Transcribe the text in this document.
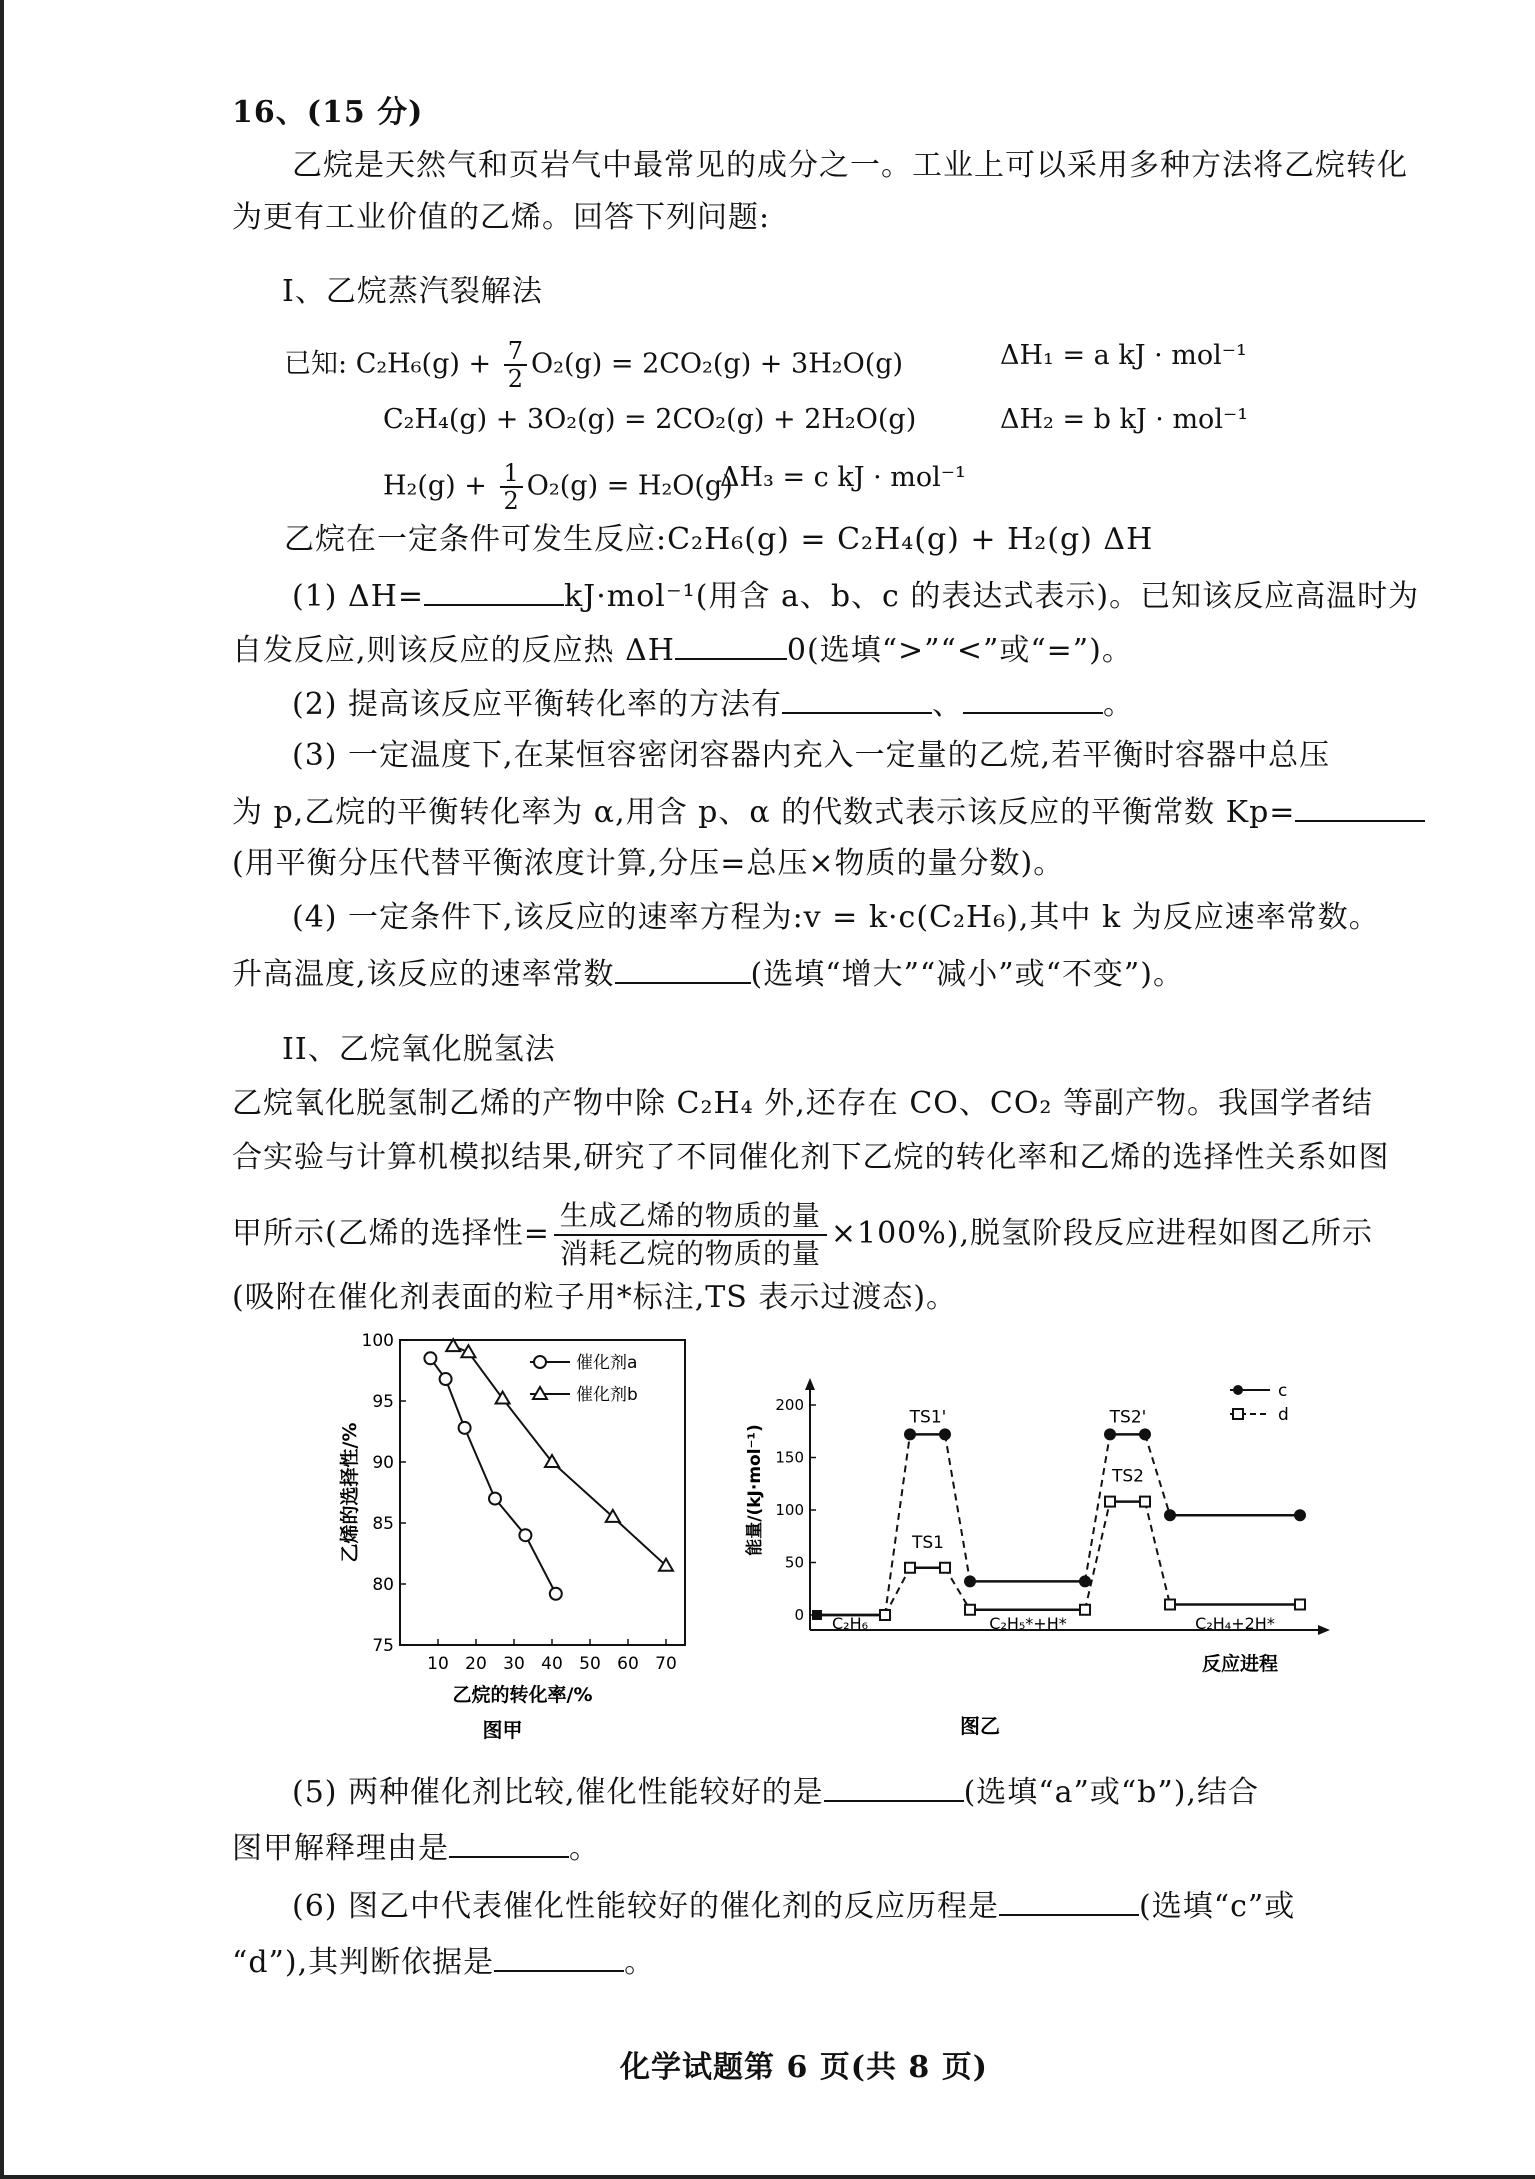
16、(15 分)
乙烷是天然气和页岩气中最常见的成分之一。工业上可以采用多种方法将乙烷转化
为更有工业价值的乙烯。回答下列问题:
I、乙烷蒸汽裂解法
已知: $C_2H_6(g) + \frac{7}{2} O_2(g) = 2CO_2(g) + 3H_2O(g)$	ΔH₁ = a kJ · mol⁻¹
C₂H₄(g) + 3O₂(g) = 2CO₂(g) + 2H₂O(g)	ΔH₂ = b kJ · mol⁻¹
$H_2(g) + \frac{1}{2} O_2(g) = H_2O(g)$
ΔH₃ = c kJ · mol⁻¹
乙烷在一定条件可发生反应:C₂H₆(g) = C₂H₄(g) + H₂(g) ΔH
(1) ΔH=	kJ·mol⁻¹(用含 a、b、c 的表达式表示)。已知该反应高温时为
自发反应,则该反应的反应热 ΔH	0(选填“>”“<”或“=”)。
(2) 提高该反应平衡转化率的方法有	、	。
(3) 一定温度下,在某恒容密闭容器内充入一定量的乙烷,若平衡时容器中总压
为 p,乙烷的平衡转化率为 α,用含 p、α 的代数式表示该反应的平衡常数 Kp=
(用平衡分压代替平衡浓度计算,分压=总压×物质的量分数)。
(4) 一定条件下,该反应的速率方程为:v = k·c(C₂H₆),其中 k 为反应速率常数。
升高温度,该反应的速率常数	(选填“增大”“减小”或“不变”)。
II、乙烷氧化脱氢法
乙烷氧化脱氢制乙烯的产物中除 C₂H₄ 外,还存在 CO、CO₂ 等副产物。我国学者结
合实验与计算机模拟结果,研究了不同催化剂下乙烷的转化率和乙烯的选择性关系如图
甲所示(乙烯的选择性= $\frac{\text{生成乙烯的物质的量}}{\text{消耗乙烷的物质的量}} \times 100\%$),脱氢阶段反应进程如图乙所示
(吸附在催化剂表面的粒子用*标注,TS 表示过渡态)。
75
80
85
90
95
100
10 20 30 40 50 60 70
乙烷的转化率/%
乙烯的选择性/%
图甲
催化剂a
催化剂b
0
50
100
150
200
能量/(kJ·mol⁻¹)
反应进程
图乙
TS1'
TS1
TS2'
TS2
C₂H₆	C₂H₅*+H*	C₂H₄+2H*
c
d
(5) 两种催化剂比较,催化性能较好的是	(选填“a”或“b”),结合
图甲解释理由是	。
(6) 图乙中代表催化性能较好的催化剂的反应历程是	(选填“c”或
“d”),其判断依据是	。
化学试题第 6 页(共 8 页)
